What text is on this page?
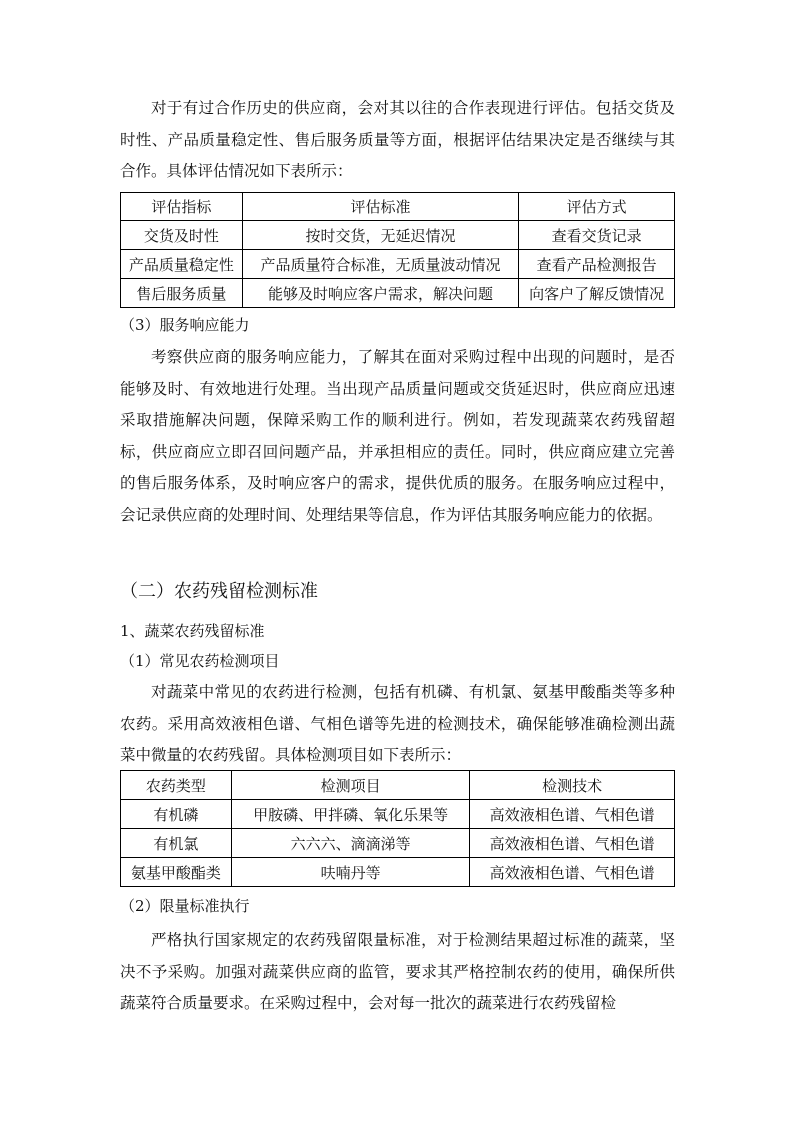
对于有过合作历史的供应商，会对其以往的合作表现进行评估。包括交货及时性、产品质量稳定性、售后服务质量等方面，根据评估结果决定是否继续与其合作。具体评估情况如下表所示：

评估指标	评估标准	评估方式
交货及时性	按时交货，无延迟情况	查看交货记录
产品质量稳定性	产品质量符合标准，无质量波动情况	查看产品检测报告
售后服务质量	能够及时响应客户需求，解决问题	向客户了解反馈情况

（3）服务响应能力

考察供应商的服务响应能力，了解其在面对采购过程中出现的问题时，是否能够及时、有效地进行处理。当出现产品质量问题或交货延迟时，供应商应迅速采取措施解决问题，保障采购工作的顺利进行。例如，若发现蔬菜农药残留超标，供应商应立即召回问题产品，并承担相应的责任。同时，供应商应建立完善的售后服务体系，及时响应客户的需求，提供优质的服务。在服务响应过程中，会记录供应商的处理时间、处理结果等信息，作为评估其服务响应能力的依据。

（二）农药残留检测标准

1、蔬菜农药残留标准

（1）常见农药检测项目

对蔬菜中常见的农药进行检测，包括有机磷、有机氯、氨基甲酸酯类等多种农药。采用高效液相色谱、气相色谱等先进的检测技术，确保能够准确检测出蔬菜中微量的农药残留。具体检测项目如下表所示：

农药类型	检测项目	检测技术
有机磷	甲胺磷、甲拌磷、氧化乐果等	高效液相色谱、气相色谱
有机氯	六六六、滴滴涕等	高效液相色谱、气相色谱
氨基甲酸酯类	呋喃丹等	高效液相色谱、气相色谱

（2）限量标准执行

严格执行国家规定的农药残留限量标准，对于检测结果超过标准的蔬菜，坚决不予采购。加强对蔬菜供应商的监管，要求其严格控制农药的使用，确保所供蔬菜符合质量要求。在采购过程中，会对每一批次的蔬菜进行农药残留检
